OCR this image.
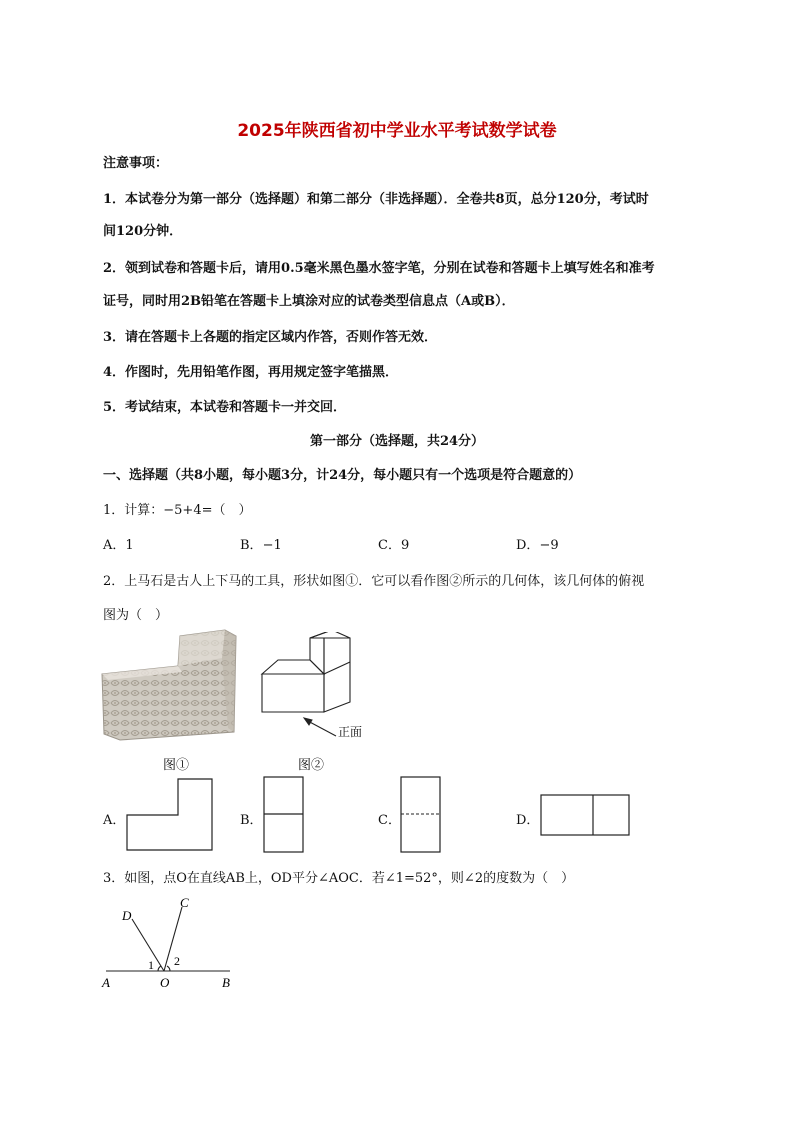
2025年陕西省初中学业水平考试数学试卷
注意事项：
1．本试卷分为第一部分（选择题）和第二部分（非选择题）．全卷共8页，总分120分，考试时
间120分钟．
2．领到试卷和答题卡后，请用0.5毫米黑色墨水签字笔，分别在试卷和答题卡上填写姓名和准考
证号，同时用2B铅笔在答题卡上填涂对应的试卷类型信息点（A或B）．
3．请在答题卡上各题的指定区域内作答，否则作答无效．
4．作图时，先用铅笔作图，再用规定签字笔描黑．
5．考试结束，本试卷和答题卡一并交回．
第一部分（选择题，共24分）
一、选择题（共8小题，每小题3分，计24分，每小题只有一个选项是符合题意的）
1．计算：−5+4=（　）
A．1	B．−1	C．9	D．−9
2．上马石是古人上下马的工具，形状如图①．它可以看作图②所示的几何体，该几何体的俯视
图为（　）
正面
图①	图②
A．	B．	C．	D．
3．如图，点O在直线AB上，OD平分∠AOC．若∠1=52°，则∠2的度数为（　）
D
C
1 2
A	O	B
